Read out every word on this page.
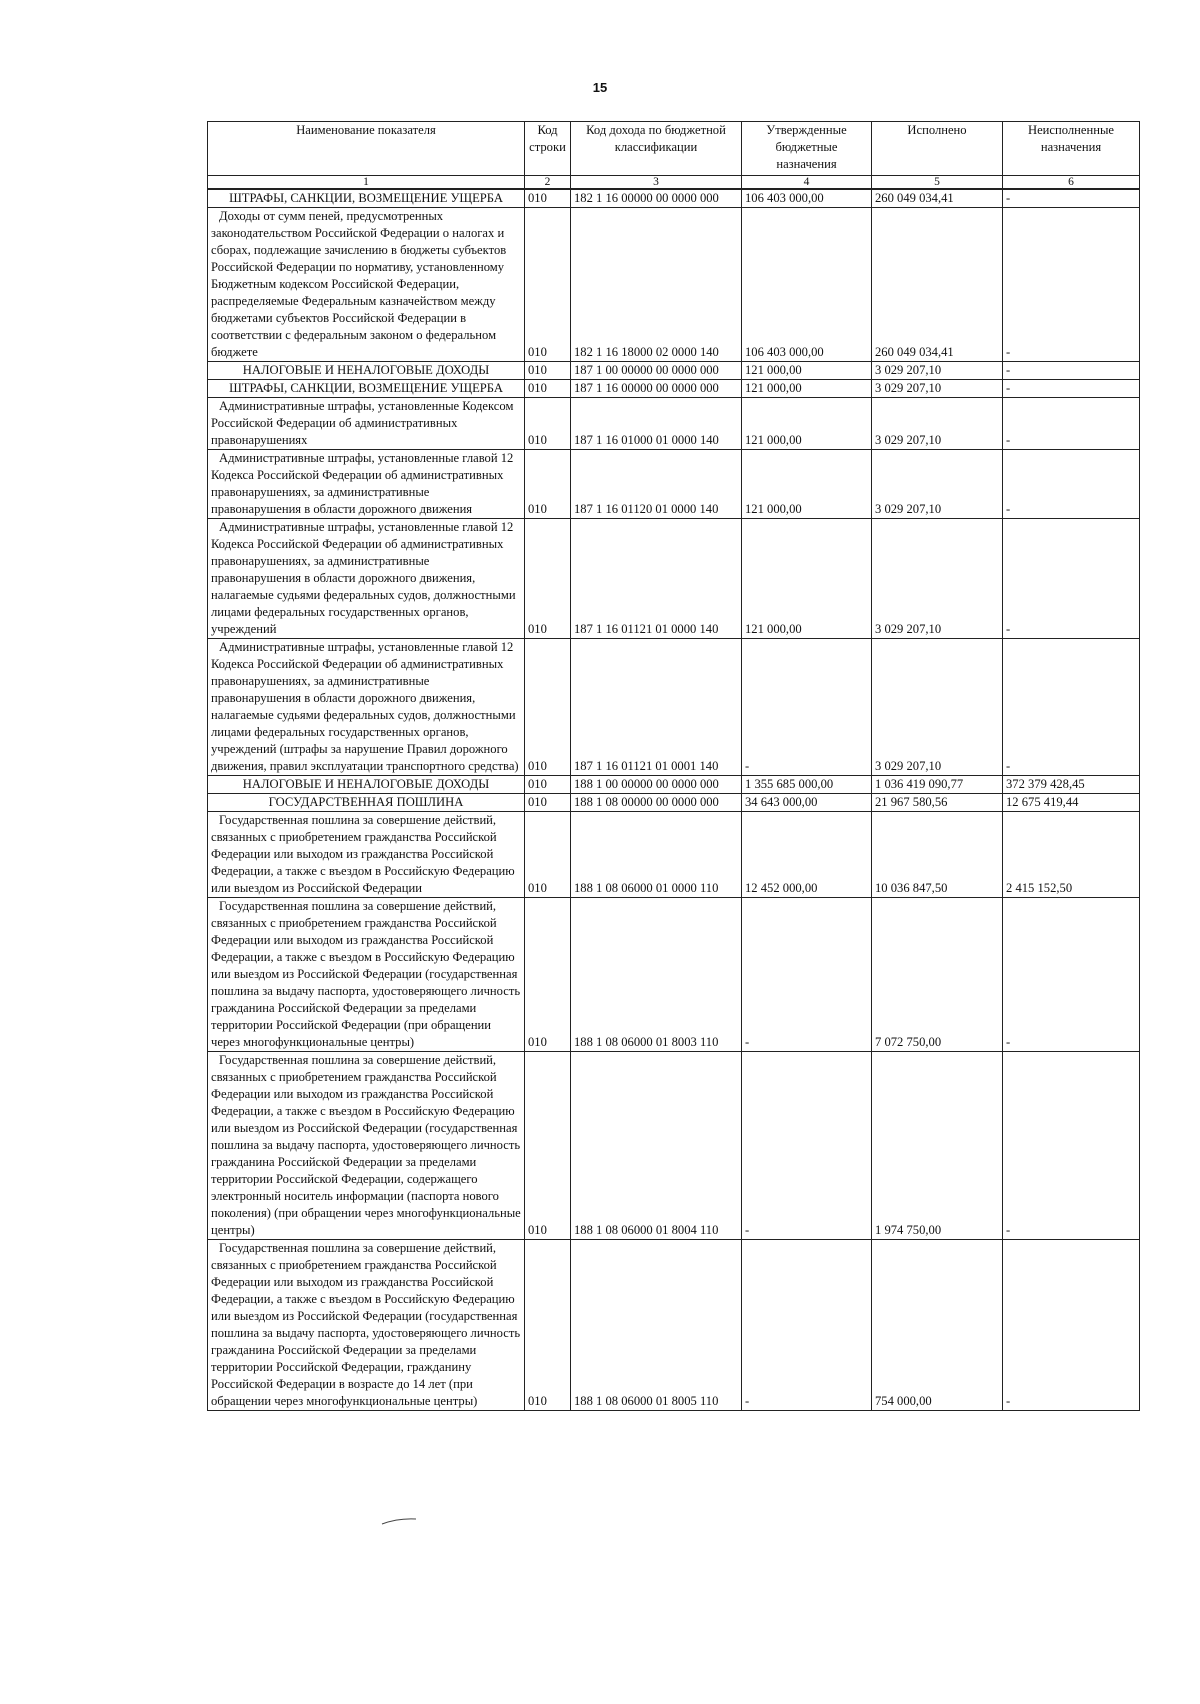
15
Наименование показателя	Код строки	Код дохода по бюджетной классификации	Утвержденные бюджетные назначения	Исполнено	Неисполненные назначения
1	2	3	4	5	6
ШТРАФЫ, САНКЦИИ, ВОЗМЕЩЕНИЕ УЩЕРБА	010	182 1 16 00000 00 0000 000	106 403 000,00	260 049 034,41	-
Доходы от сумм пеней, предусмотренных законодательством Российской Федерации о налогах и сборах, подлежащие зачислению в бюджеты субъектов Российской Федерации по нормативу, установленному Бюджетным кодексом Российской Федерации, распределяемые Федеральным казначейством между бюджетами субъектов Российской Федерации в соответствии с федеральным законом о федеральном бюджете	010	182 1 16 18000 02 0000 140	106 403 000,00	260 049 034,41	-
НАЛОГОВЫЕ И НЕНАЛОГОВЫЕ ДОХОДЫ	010	187 1 00 00000 00 0000 000	121 000,00	3 029 207,10	-
ШТРАФЫ, САНКЦИИ, ВОЗМЕЩЕНИЕ УЩЕРБА	010	187 1 16 00000 00 0000 000	121 000,00	3 029 207,10	-
Административные штрафы, установленные Кодексом Российской Федерации об административных правонарушениях	010	187 1 16 01000 01 0000 140	121 000,00	3 029 207,10	-
Административные штрафы, установленные главой 12 Кодекса Российской Федерации об административных правонарушениях, за административные правонарушения в области дорожного движения	010	187 1 16 01120 01 0000 140	121 000,00	3 029 207,10	-
Административные штрафы, установленные главой 12 Кодекса Российской Федерации об административных правонарушениях, за административные правонарушения в области дорожного движения, налагаемые судьями федеральных судов, должностными лицами федеральных государственных органов, учреждений	010	187 1 16 01121 01 0000 140	121 000,00	3 029 207,10	-
Административные штрафы, установленные главой 12 Кодекса Российской Федерации об административных правонарушениях, за административные правонарушения в области дорожного движения, налагаемые судьями федеральных судов, должностными лицами федеральных государственных органов, учреждений (штрафы за нарушение Правил дорожного движения, правил эксплуатации транспортного средства)	010	187 1 16 01121 01 0001 140	-	3 029 207,10	-
НАЛОГОВЫЕ И НЕНАЛОГОВЫЕ ДОХОДЫ	010	188 1 00 00000 00 0000 000	1 355 685 000,00	1 036 419 090,77	372 379 428,45
ГОСУДАРСТВЕННАЯ ПОШЛИНА	010	188 1 08 00000 00 0000 000	34 643 000,00	21 967 580,56	12 675 419,44
Государственная пошлина за совершение действий, связанных с приобретением гражданства Российской Федерации или выходом из гражданства Российской Федерации, а также с въездом в Российскую Федерацию или выездом из Российской Федерации	010	188 1 08 06000 01 0000 110	12 452 000,00	10 036 847,50	2 415 152,50
Государственная пошлина за совершение действий, связанных с приобретением гражданства Российской Федерации или выходом из гражданства Российской Федерации, а также с въездом в Российскую Федерацию или выездом из Российской Федерации (государственная пошлина за выдачу паспорта, удостоверяющего личность гражданина Российской Федерации за пределами территории Российской Федерации (при обращении через многофункциональные центры)	010	188 1 08 06000 01 8003 110	-	7 072 750,00	-
Государственная пошлина за совершение действий, связанных с приобретением гражданства Российской Федерации или выходом из гражданства Российской Федерации, а также с въездом в Российскую Федерацию или выездом из Российской Федерации (государственная пошлина за выдачу паспорта, удостоверяющего личность гражданина Российской Федерации за пределами территории Российской Федерации, содержащего электронный носитель информации (паспорта нового поколения) (при обращении через многофункциональные центры)	010	188 1 08 06000 01 8004 110	-	1 974 750,00	-
Государственная пошлина за совершение действий, связанных с приобретением гражданства Российской Федерации или выходом из гражданства Российской Федерации, а также с въездом в Российскую Федерацию или выездом из Российской Федерации (государственная пошлина за выдачу паспорта, удостоверяющего личность гражданина Российской Федерации за пределами территории Российской Федерации, гражданину Российской Федерации в возрасте до 14 лет (при обращении через многофункциональные центры)	010	188 1 08 06000 01 8005 110	-	754 000,00	-
